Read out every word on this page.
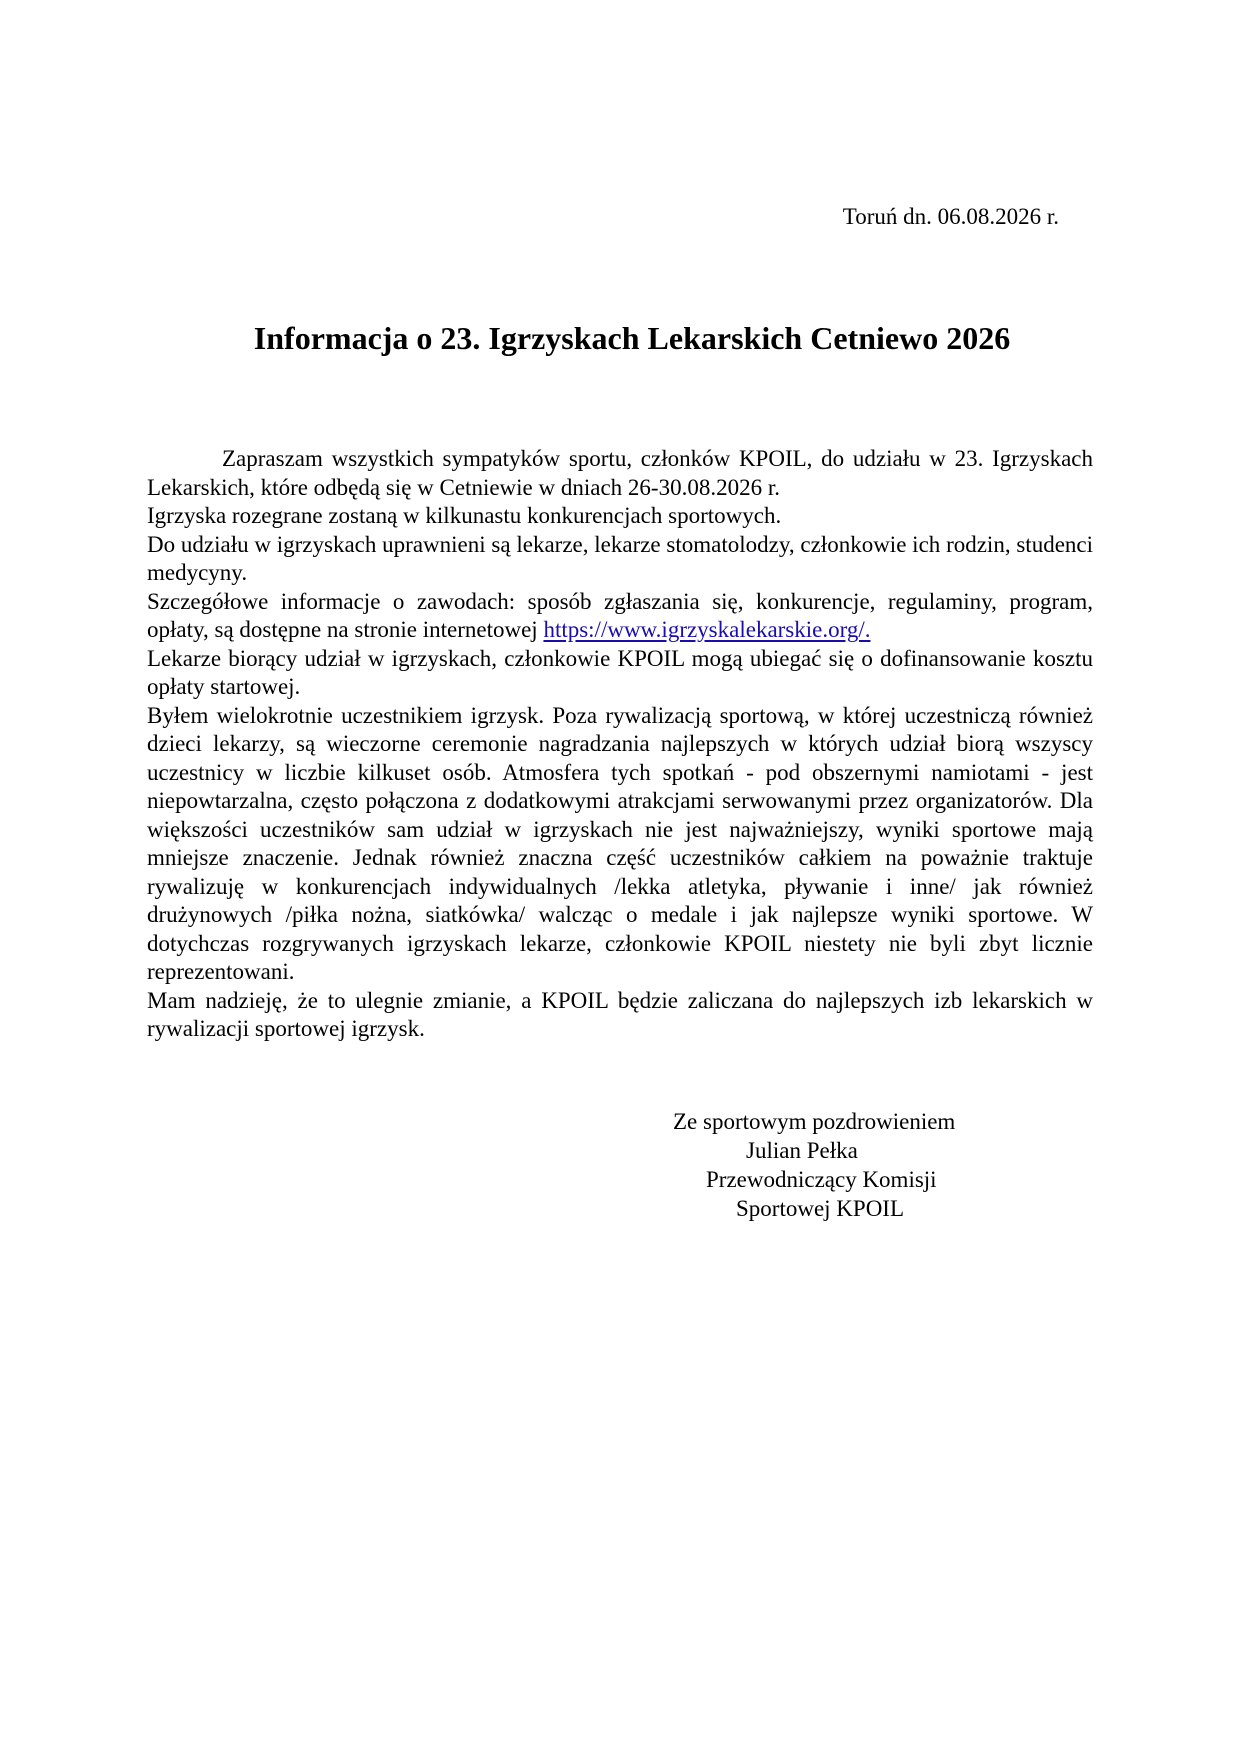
Toruń dn. 06.08.2026 r.
Informacja o 23. Igrzyskach Lekarskich Cetniewo 2026

Zapraszam wszystkich sympatyków sportu, członków KPOIL, do udziału w 23. Igrzyskach Lekarskich, które odbędą się w Cetniewie w dniach 26-30.08.2026 r.

Igrzyska rozegrane zostaną w kilkunastu konkurencjach sportowych.

Do udziału w igrzyskach uprawnieni są lekarze, lekarze stomatolodzy, członkowie ich rodzin, studenci medycyny.

Szczegółowe informacje o zawodach: sposób zgłaszania się, konkurencje, regulaminy, program, opłaty, są dostępne na stronie internetowej https://www.igrzyskalekarskie.org/.

Lekarze biorący udział w igrzyskach, członkowie KPOIL mogą ubiegać się o dofinansowanie kosztu opłaty startowej.

Byłem wielokrotnie uczestnikiem igrzysk. Poza rywalizacją sportową, w której uczestniczą również dzieci lekarzy, są wieczorne ceremonie nagradzania najlepszych w których udział biorą wszyscy uczestnicy w liczbie kilkuset osób. Atmosfera tych spotkań - pod obszernymi namiotami - jest niepowtarzalna, często połączona z dodatkowymi atrakcjami serwowanymi przez organizatorów. Dla większości uczestników sam udział w igrzyskach nie jest najważniejszy, wyniki sportowe mają mniejsze znaczenie. Jednak również znaczna część uczestników całkiem na poważnie traktuje rywalizuję w konkurencjach indywidualnych /lekka atletyka, pływanie i inne/ jak również drużynowych /piłka nożna, siatkówka/ walcząc o medale i jak najlepsze wyniki sportowe. W dotychczas rozgrywanych igrzyskach lekarze, członkowie KPOIL niestety nie byli zbyt licznie reprezentowani.

Mam nadzieję, że to ulegnie zmianie, a KPOIL będzie zaliczana do najlepszych izb lekarskich w rywalizacji sportowej igrzysk.

Ze sportowym pozdrowieniem
Julian Pełka
Przewodniczący Komisji
Sportowej KPOIL
